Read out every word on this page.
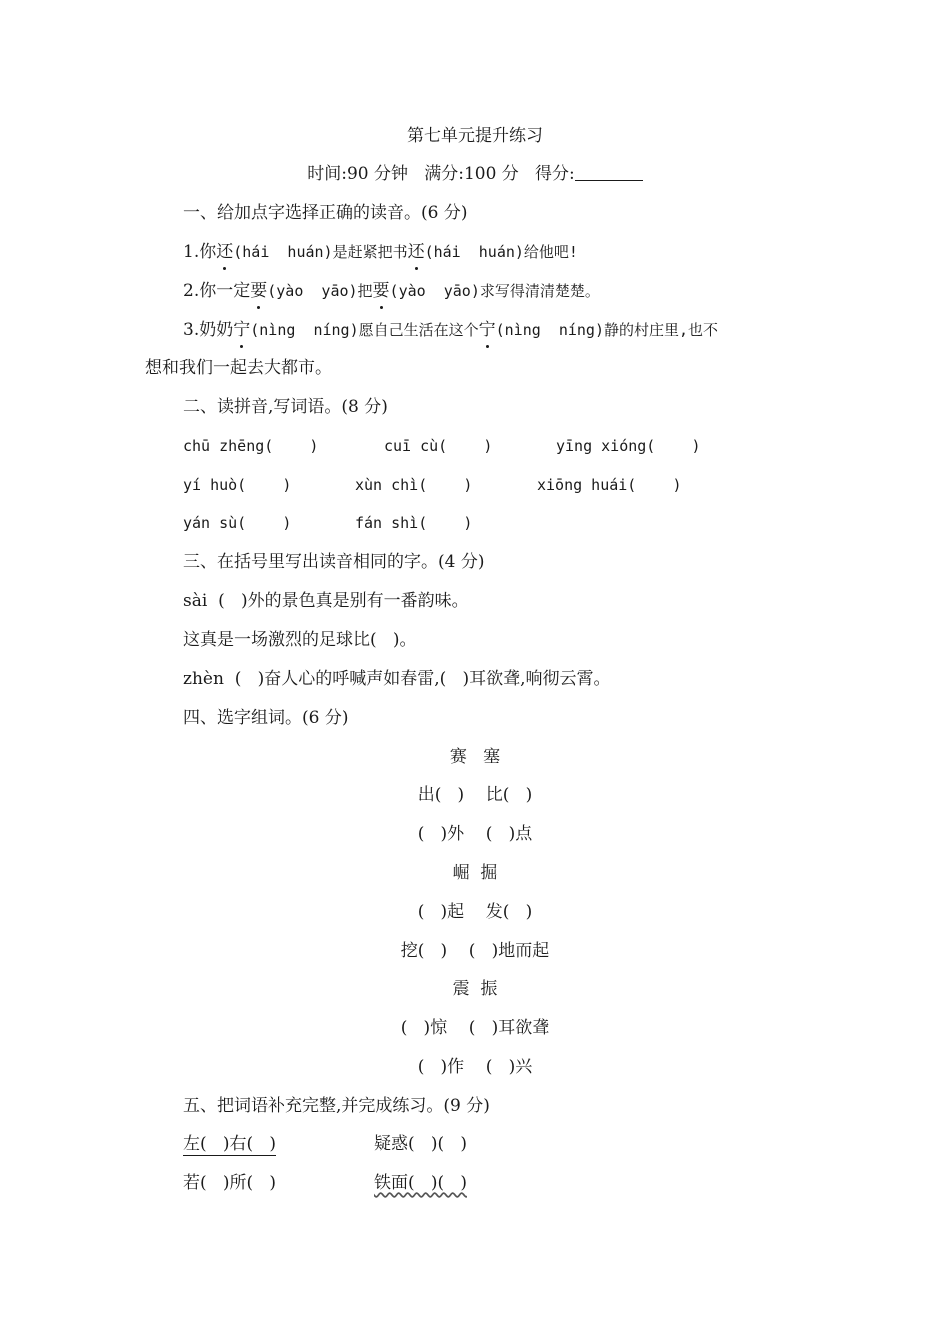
第七单元提升练习
时间:90 分钟 满分:100 分 得分:
一、给加点字选择正确的读音。(6 分)
1.你还(hái  huán)是赶紧把书还(hái  huán)给他吧!
2.你一定要(yào  yāo)把要(yào  yāo)求写得清清楚楚。
3.奶奶宁(nìng  níng)愿自己生活在这个宁(nìng  níng)静的村庄里,也不
想和我们一起去大都市。
二、读拼音,写词语。(8 分)
chū zhēng(    )	cuī cù(    )	yīng xióng(    )
yí huò(    )	xùn chì(    )	xiōng huái(    )
yán sù(    )	fán shì(    )
三、在括号里写出读音相同的字。(4 分)
sài  (   )外的景色真是别有一番韵味。
这真是一场激烈的足球比(   )。
zhèn  (   )奋人心的呼喊声如春雷,(   )耳欲聋,响彻云霄。
四、选字组词。(6 分)
赛   塞
出(   )    比(   )
(   )外    (   )点
崛  掘
(   )起    发(   )
挖(   )    (   )地而起
震  振
(   )惊    (   )耳欲聋
(   )作    (   )兴
五、把词语补充完整,并完成练习。(9 分)
左(   )右(   )	疑惑(   )(   )
若(   )所(   )	铁面(   )(   )
